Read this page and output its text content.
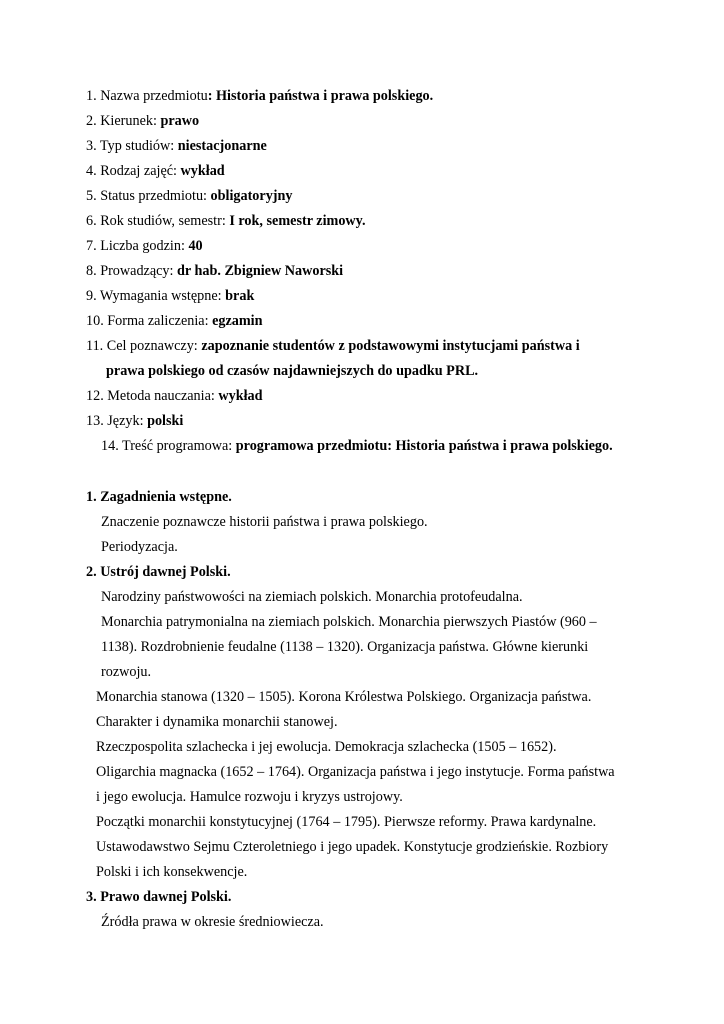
1. Nazwa przedmiotu: Historia państwa i prawa polskiego.
2. Kierunek: prawo
3. Typ studiów: niestacjonarne
4. Rodzaj zajęć: wykład
5. Status przedmiotu: obligatoryjny
6. Rok studiów, semestr: I rok, semestr zimowy.
7. Liczba godzin: 40
8. Prowadzący: dr hab. Zbigniew Naworski
9. Wymagania wstępne: brak
10. Forma zaliczenia: egzamin
11. Cel poznawczy: zapoznanie studentów z podstawowymi instytucjami państwa i
prawa polskiego od czasów najdawniejszych do upadku PRL.
12. Metoda nauczania: wykład
13. Język: polski
14. Treść programowa: programowa przedmiotu: Historia państwa i prawa polskiego.
1. Zagadnienia wstępne.
Znaczenie poznawcze historii państwa i prawa polskiego.
Periodyzacja.
2. Ustrój dawnej Polski.
Narodziny państwowości na ziemiach polskich. Monarchia protofeudalna.
Monarchia patrymonialna na ziemiach polskich. Monarchia pierwszych Piastów (960 –
1138). Rozdrobnienie feudalne (1138 – 1320). Organizacja państwa. Główne kierunki
rozwoju.
Monarchia stanowa (1320 – 1505). Korona Królestwa Polskiego. Organizacja państwa.
Charakter i dynamika monarchii stanowej.
Rzeczpospolita szlachecka i jej ewolucja. Demokracja szlachecka (1505 – 1652).
Oligarchia magnacka (1652 – 1764). Organizacja państwa i jego instytucje. Forma państwa
i jego ewolucja. Hamulce rozwoju i kryzys ustrojowy.
Początki monarchii konstytucyjnej (1764 – 1795). Pierwsze reformy. Prawa kardynalne.
Ustawodawstwo Sejmu Czteroletniego i jego upadek. Konstytucje grodzieńskie. Rozbiory
Polski i ich konsekwencje.
3. Prawo dawnej Polski.
Źródła prawa w okresie średniowiecza.
